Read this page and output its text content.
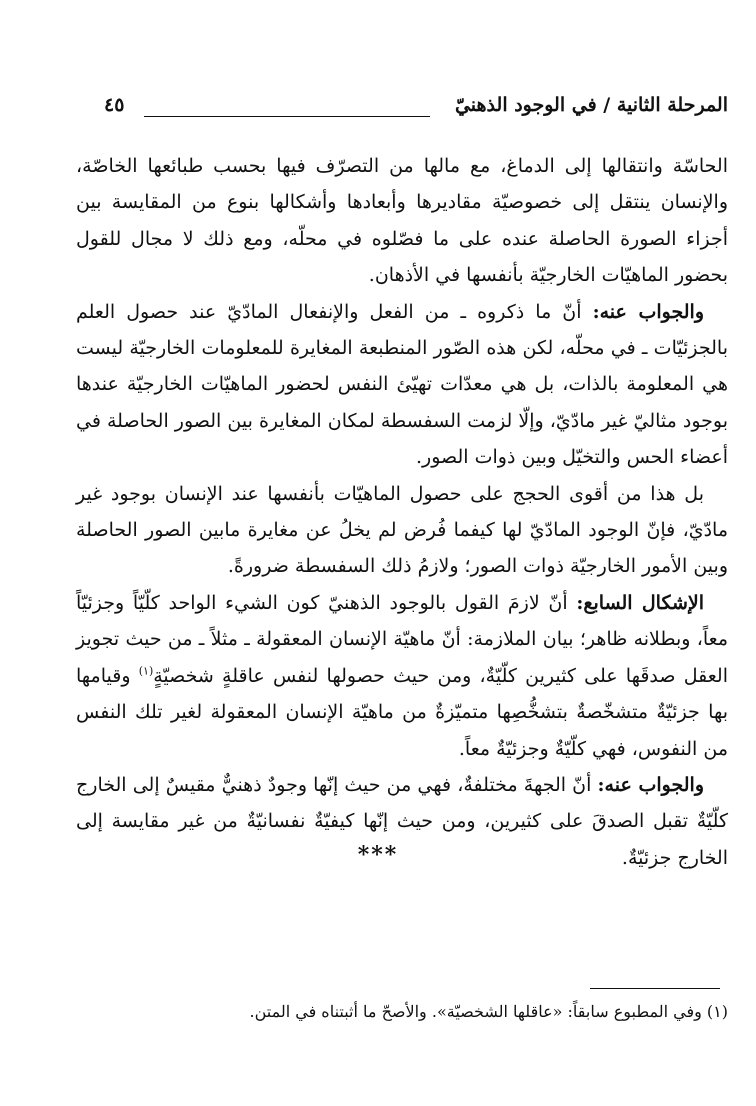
المرحلة الثانية / في الوجود الذهنيّ
٤٥

الحاسّة وانتقالها إلى الدماغ، مع مالها من التصرّف فيها بحسب طبائعها الخاصّة، والإنسان ينتقل إلى خصوصيّة مقاديرها وأبعادها وأشكالها بنوع من المقايسة بين أجزاء الصورة الحاصلة عنده على ما فصّلوه في محلّه، ومع ذلك لا مجال للقول بحضور الماهيّات الخارجيّة بأنفسها في الأذهان.

والجواب عنه: أنّ ما ذكروه ـ من الفعل والإنفعال المادّيّ عند حصول العلم بالجزئيّات ـ في محلّه، لكن هذه الصّور المنطبعة المغايرة للمعلومات الخارجيّة ليست هي المعلومة بالذات، بل هي معدّات تهيّئ النفس لحضور الماهيّات الخارجيّة عندها بوجود مثاليّ غير مادّيّ، وإلّا لزمت السفسطة لمكان المغايرة بين الصور الحاصلة في أعضاء الحس والتخيّل وبين ذوات الصور.

بل هذا من أقوى الحجج على حصول الماهيّات بأنفسها عند الإنسان بوجود غير مادّيّ، فإنّ الوجود المادّيّ لها كيفما فُرض لم يخلُ عن مغايرة مابين الصور الحاصلة وبين الأمور الخارجيّة ذوات الصور؛ ولازمُ ذلك السفسطة ضرورةً.

الإشكال السابع: أنّ لازمَ القول بالوجود الذهنيّ كون الشيء الواحد كلّيّاً وجزئيّاً معاً، وبطلانه ظاهر؛ بيان الملازمة: أنّ ماهيّة الإنسان المعقولة ـ مثلاً ـ من حيث تجويز العقل صدقَها على كثيرين كلّيّةٌ، ومن حيث حصولها لنفس عاقلةٍ شخصيّةٍ$^{(١)}$ وقيامها بها جزئيّةٌ متشخّصةٌ بتشخُّصِها متميّزةٌ من ماهيّة الإنسان المعقولة لغير تلك النفس من النفوس، فهي كلّيّةٌ وجزئيّةٌ معاً.

والجواب عنه: أنّ الجهةَ مختلفةٌ، فهي من حيث إنّها وجودٌ ذهنيٌّ مقيسٌ إلى الخارج كلّيّةٌ تقبل الصدقَ على كثيرين، ومن حيث إنّها كيفيّةٌ نفسانيّةٌ من غير مقايسة إلى الخارج جزئيّةٌ.

***
(١) وفي المطبوع سابقاً: «عاقلها الشخصيّة». والأصحّ ما أثبتناه في المتن.
